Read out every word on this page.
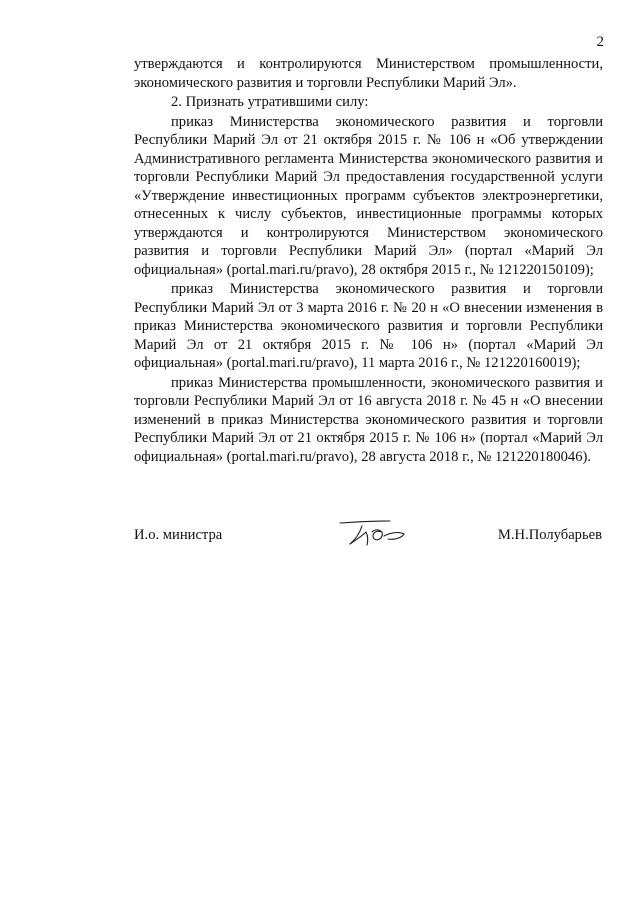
2

утверждаются и контролируются Министерством промышленности, экономического развития и торговли Республики Марий Эл».

2. Признать утратившими силу:

приказ Министерства экономического развития и торговли Республики Марий Эл от 21 октября 2015 г. № 106 н «Об утверждении Административного регламента Министерства экономического развития и торговли Республики Марий Эл предоставления государственной услуги «Утверждение инвестиционных программ субъектов электроэнергетики, отнесенных к числу субъектов, инвестиционные программы которых утверждаются и контролируются Министерством экономического развития и торговли Республики Марий Эл» (портал «Марий Эл официальная» (portal.mari.ru/pravo), 28 октября 2015 г., № 121220150109);

приказ Министерства экономического развития и торговли Республики Марий Эл от 3 марта 2016 г. № 20 н «О внесении изменения в приказ Министерства экономического развития и торговли Республики Марий Эл от 21 октября 2015 г. № 106 н» (портал «Марий Эл официальная» (portal.mari.ru/pravo), 11 марта 2016 г., № 121220160019);

приказ Министерства промышленности, экономического развития и торговли Республики Марий Эл от 16 августа 2018 г. № 45 н «О внесении изменений в приказ Министерства экономического развития и торговли Республики Марий Эл от 21 октября 2015 г. № 106 н» (портал «Марий Эл официальная» (portal.mari.ru/pravo), 28 августа 2018 г., № 121220180046).

И.о. министра	М.Н.Полубарьев
